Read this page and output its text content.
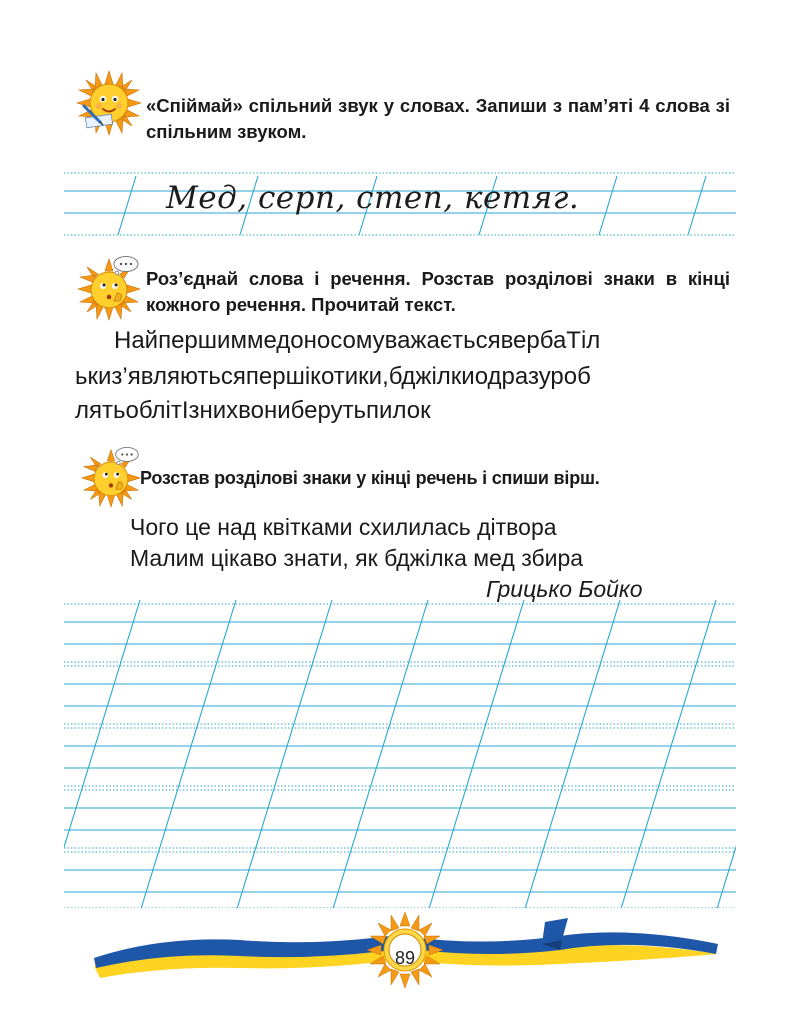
«Спіймай» спільний звук у словах. Запиши з пам’яті 4 слова зі спільним звуком.
Мед, серп, степ, кетяг.
Роз’єднай слова і речення. Розстав розділові знаки в кінці кожного речення. Прочитай текст.
НайпершиммедоносомуважаєтьсявербаТіл
ькиз’являютьсяпершікотики,бджілкиодразуроб
лятьоблітІзнихвониберутьпилок
Розстав розділові знаки у кінці речень і спиши вірш.
Чого це над квітками схилилась дітвора
Малим цікаво знати, як бджілка мед збира
Грицько Бойко
89
